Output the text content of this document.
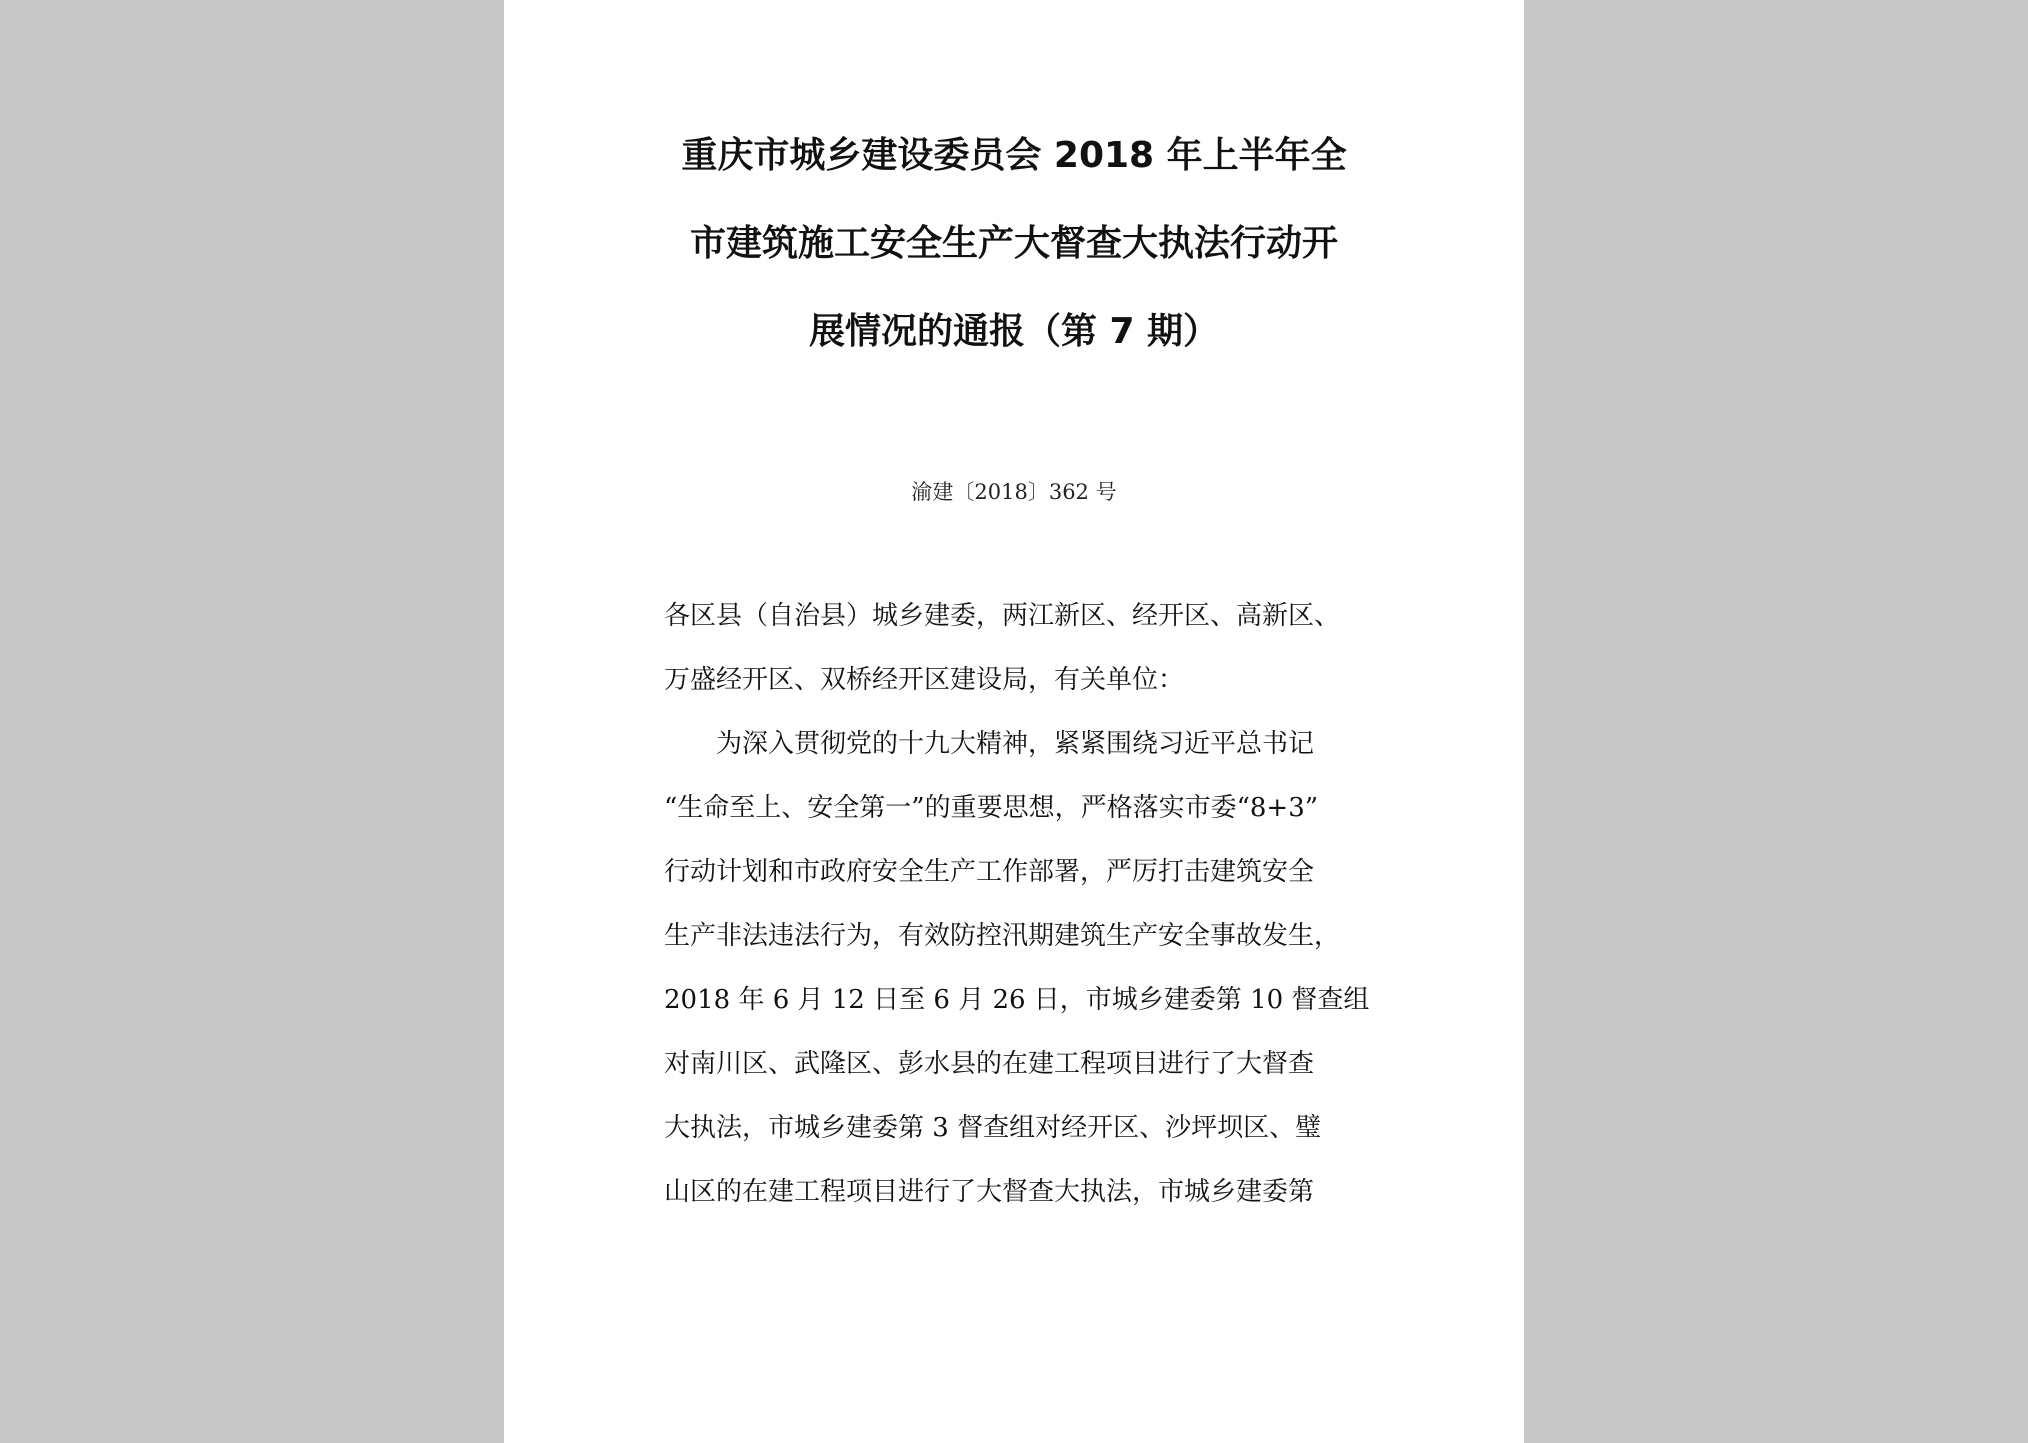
重庆市城乡建设委员会 2018 年上半年全
市建筑施工安全生产大督查大执法行动开
展情况的通报（第 7 期）
渝建〔2018〕362 号
各区县（自治县）城乡建委，两江新区、经开区、高新区、
万盛经开区、双桥经开区建设局，有关单位：
为深入贯彻党的十九大精神，紧紧围绕习近平总书记
“生命至上、安全第一”的重要思想，严格落实市委“8+3”
行动计划和市政府安全生产工作部署，严厉打击建筑安全
生产非法违法行为，有效防控汛期建筑生产安全事故发生，
2018 年 6 月 12 日至 6 月 26 日，市城乡建委第 10 督查组
对南川区、武隆区、彭水县的在建工程项目进行了大督查
大执法，市城乡建委第 3 督查组对经开区、沙坪坝区、璧
山区的在建工程项目进行了大督查大执法，市城乡建委第
